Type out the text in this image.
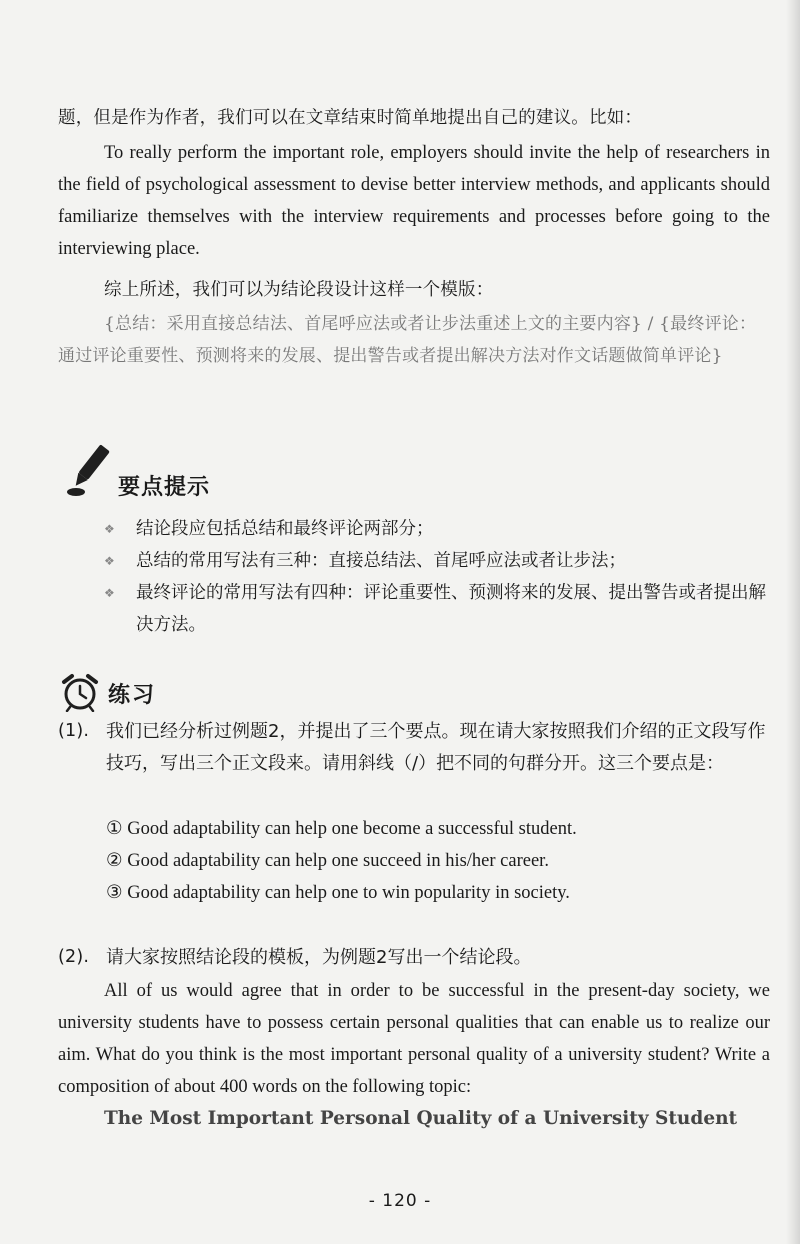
题，但是作为作者，我们可以在文章结束时简单地提出自己的建议。比如：
To really perform the important role, employers should invite the help of researchers in the field of psychological assessment to devise better interview methods, and applicants should familiarize themselves with the interview requirements and processes before going to the interviewing place.
综上所述，我们可以为结论段设计这样一个模版：
{总结：采用直接总结法、首尾呼应法或者让步法重述上文的主要内容} / {最终评论：通过评论重要性、预测将来的发展、提出警告或者提出解决方法对作文话题做简单评论}
要点提示
❖ 结论段应包括总结和最终评论两部分；
❖ 总结的常用写法有三种：直接总结法、首尾呼应法或者让步法；
❖ 最终评论的常用写法有四种：评论重要性、预测将来的发展、提出警告或者提出解决方法。
练习
(1). 我们已经分析过例题2，并提出了三个要点。现在请大家按照我们介绍的正文段写作技巧，写出三个正文段来。请用斜线（/）把不同的句群分开。这三个要点是：
① Good adaptability can help one become a successful student.
② Good adaptability can help one succeed in his/her career.
③ Good adaptability can help one to win popularity in society.
(2). 请大家按照结论段的模板，为例题2写出一个结论段。
All of us would agree that in order to be successful in the present-day society, we university students have to possess certain personal qualities that can enable us to realize our aim. What do you think is the most important personal quality of a university student? Write a composition of about 400 words on the following topic:
The Most Important Personal Quality of a University Student
- 120 -
